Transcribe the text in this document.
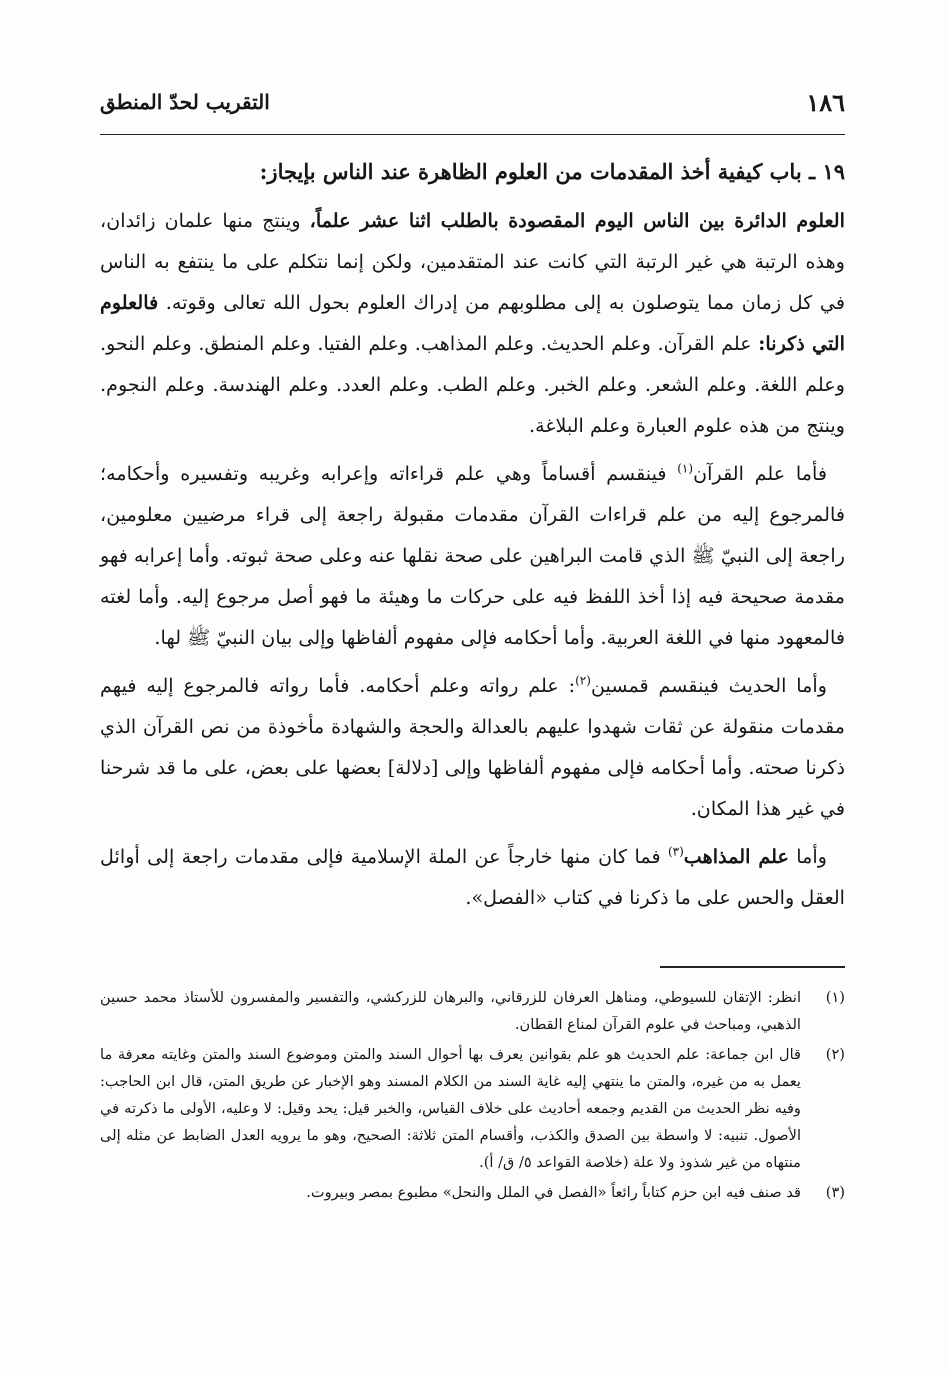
١٨٦
التقريب لحدّ المنطق
١٩ ـ باب كيفية أخذ المقدمات من العلوم الظاهرة عند الناس بإيجاز:

العلوم الدائرة بين الناس اليوم المقصودة بالطلب اثنا عشر علماً، وينتج منها علمان زائدان، وهذه الرتبة هي غير الرتبة التي كانت عند المتقدمين، ولكن إنما نتكلم على ما ينتفع به الناس في كل زمان مما يتوصلون به إلى مطلوبهم من إدراك العلوم بحول الله تعالى وقوته. فالعلوم التي ذكرنا: علم القرآن. وعلم الحديث. وعلم المذاهب. وعلم الفتيا. وعلم المنطق. وعلم النحو. وعلم اللغة. وعلم الشعر. وعلم الخبر. وعلم الطب. وعلم العدد. وعلم الهندسة. وعلم النجوم. وينتج من هذه علوم العبارة وعلم البلاغة.

فأما علم القرآن$^{(١)}$ فينقسم أقساماً وهي علم قراءاته وإعرابه وغريبه وتفسيره وأحكامه؛ فالمرجوع إليه من علم قراءات القرآن مقدمات مقبولة راجعة إلى قراء مرضيين معلومين، راجعة إلى النبيّ ﷺ الذي قامت البراهين على صحة نقلها عنه وعلى صحة ثبوته. وأما إعرابه فهو مقدمة صحيحة فيه إذا أخذ اللفظ فيه على حركات ما وهيئة ما فهو أصل مرجوع إليه. وأما لغته فالمعهود منها في اللغة العربية. وأما أحكامه فإلى مفهوم ألفاظها وإلى بيان النبيّ ﷺ لها.

وأما الحديث فينقسم قمسين$^{(٢)}$: علم رواته وعلم أحكامه. فأما رواته فالمرجوع إليه فيهم مقدمات منقولة عن ثقات شهدوا عليهم بالعدالة والحجة والشهادة مأخوذة من نص القرآن الذي ذكرنا صحته. وأما أحكامه فإلى مفهوم ألفاظها وإلى [دلالة] بعضها على بعض، على ما قد شرحنا في غير هذا المكان.

وأما علم المذاهب$^{(٣)}$ فما كان منها خارجاً عن الملة الإسلامية فإلى مقدمات راجعة إلى أوائل العقل والحس على ما ذكرنا في كتاب «الفصل».

(١)
انظر: الإتقان للسيوطي، ومناهل العرفان للزرقاني، والبرهان للزركشي، والتفسير والمفسرون للأستاذ محمد حسين الذهبي، ومباحث في علوم القرآن لمناع القطان.
(٢)
قال ابن جماعة: علم الحديث هو علم بقوانين يعرف بها أحوال السند والمتن وموضوع السند والمتن وغايته معرفة ما يعمل به من غيره، والمتن ما ينتهي إليه غاية السند من الكلام المسند وهو الإخبار عن طريق المتن، قال ابن الحاجب: وفيه نظر الحديث من القديم وجمعه أحاديث على خلاف القياس، والخبر قيل: يحد وقيل: لا وعليه، الأولى ما ذكرته في الأصول. تنبيه: لا واسطة بين الصدق والكذب، وأقسام المتن ثلاثة: الصحيح، وهو ما يرويه العدل الضابط عن مثله إلى منتهاه من غير شذوذ ولا علة (خلاصة القواعد ٥/ ق/ أ).
(٣)
قد صنف فيه ابن حزم كتاباً رائعاً «الفصل في الملل والنحل» مطبوع بمصر وبيروت.
